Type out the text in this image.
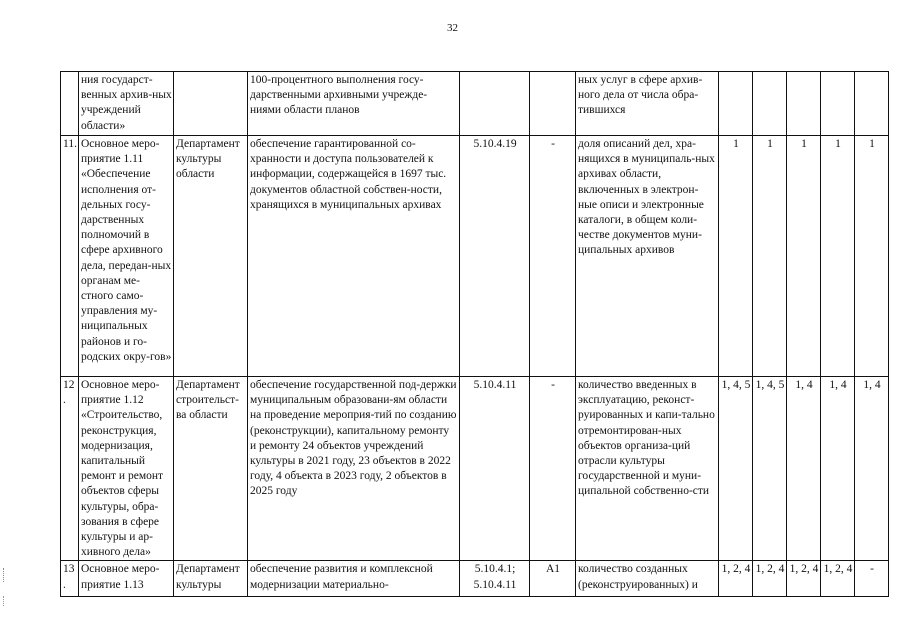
32
	ния государст-венных архив-ных учреждений области»		100-процентного выполнения госу-дарственными архивными учрежде-ниями области планов			ных услуг в сфере архив-ного дела от числа обра-тившихся					
11.	Основное меро-приятие 1.11 «Обеспечение исполнения от-дельных госу-дарственных полномочий в сфере архивного дела, передан-ных органам ме-стного само-управления му-ниципальных районов и го-родских окру-гов»	Департамент культуры области	обеспечение гарантированной со-хранности и доступа пользователей к информации, содержащейся в 1697 тыс. документов областной собствен-ности, хранящихся в муниципальных архивах	5.10.4.19	-	доля описаний дел, хра-нящихся в муниципаль-ных архивах области, включенных в электрон-ные описи и электронные каталоги, в общем коли-честве документов муни-ципальных архивов	1	1	1	1	1
12.	Основное меро-приятие 1.12 «Строительство, реконструкция, модернизация, капитальный ремонт и ремонт объектов сферы культуры, обра-зования в сфере культуры и ар-хивного дела»	Департамент строительст-ва области	обеспечение государственной под-держки муниципальным образовани-ям области на проведение мероприя-тий по созданию (реконструкции), капитальному ремонту и ремонту 24 объектов учреждений культуры в 2021 году, 23 объектов в 2022 году, 4 объекта в 2023 году, 2 объектов в 2025 году	5.10.4.11	-	количество введенных в эксплуатацию, реконст-руированных и капи-тально отремонтирован-ных объектов организа-ций отрасли культуры государственной и муни-ципальной собственно-сти	1, 4, 5	1, 4, 5	1, 4	1, 4	1, 4
13.	Основное меро-приятие 1.13	Департамент культуры	обеспечение развития и комплексной модернизации материально-	5.10.4.1; 5.10.4.11	А1	количество созданных (реконструированных) и	1, 2, 4	1, 2, 4	1, 2, 4	1, 2, 4	-
